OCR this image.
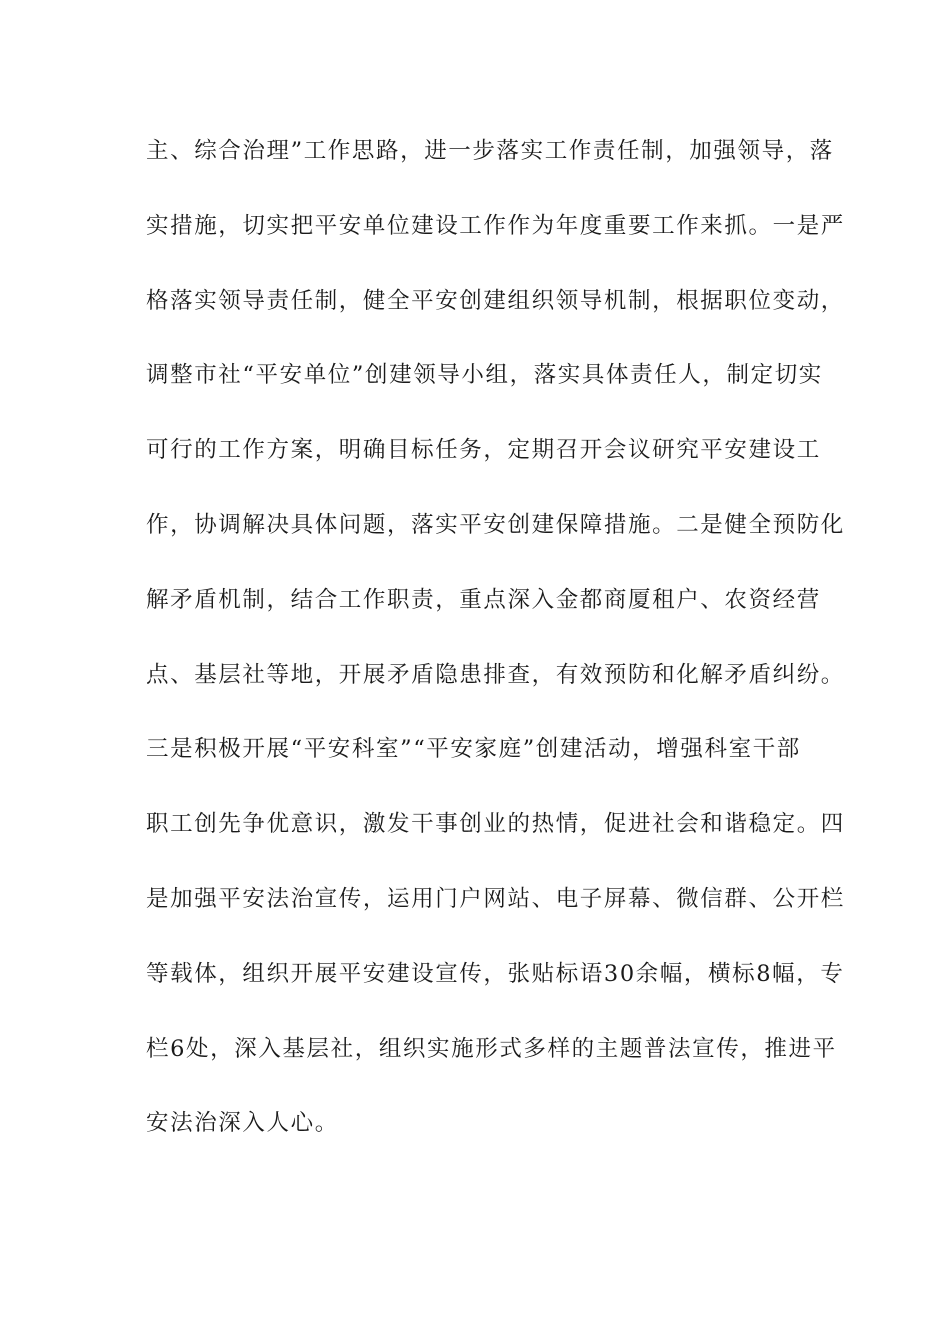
主、综合治理”工作思路，进一步落实工作责任制，加强领导，落
实措施，切实把平安单位建设工作作为年度重要工作来抓。一是严
格落实领导责任制，健全平安创建组织领导机制，根据职位变动，
调整市社“平安单位”创建领导小组，落实具体责任人，制定切实
可行的工作方案，明确目标任务，定期召开会议研究平安建设工
作，协调解决具体问题，落实平安创建保障措施。二是健全预防化
解矛盾机制，结合工作职责，重点深入金都商厦租户、农资经营
点、基层社等地，开展矛盾隐患排查，有效预防和化解矛盾纠纷。
三是积极开展“平安科室”“平安家庭”创建活动，增强科室干部
职工创先争优意识，激发干事创业的热情，促进社会和谐稳定。四
是加强平安法治宣传，运用门户网站、电子屏幕、微信群、公开栏
等载体，组织开展平安建设宣传，张贴标语30余幅，横标8幅，专
栏6处，深入基层社，组织实施形式多样的主题普法宣传，推进平
安法治深入人心。
